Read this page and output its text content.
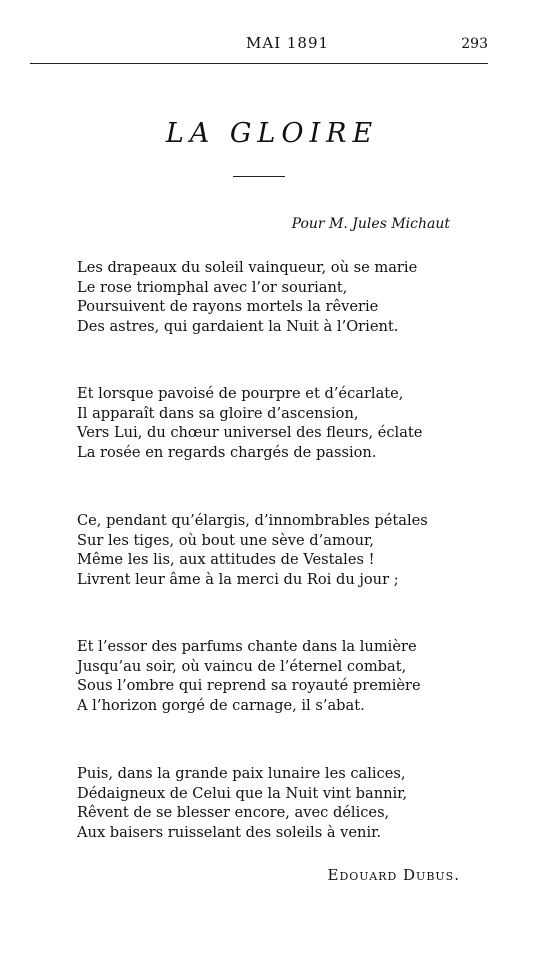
MAI 1891	293
LA GLOIRE
Pour M. Jules Michaut
Les drapeaux du soleil vainqueur, où se marie
Le rose triomphal avec l’or souriant,
Poursuivent de rayons mortels la rêverie
Des astres, qui gardaient la Nuit à l’Orient.
Et lorsque pavoisé de pourpre et d’écarlate,
Il apparaît dans sa gloire d’ascension,
Vers Lui, du chœur universel des fleurs, éclate
La rosée en regards chargés de passion.
Ce, pendant qu’élargis, d’innombrables pétales
Sur les tiges, où bout une sève d’amour,
Même les lis, aux attitudes de Vestales !
Livrent leur âme à la merci du Roi du jour ;
Et l’essor des parfums chante dans la lumière
Jusqu’au soir, où vaincu de l’éternel combat,
Sous l’ombre qui reprend sa royauté première
A l’horizon gorgé de carnage, il s’abat.
Puis, dans la grande paix lunaire les calices,
Dédaigneux de Celui que la Nuit vint bannir,
Rêvent de se blesser encore, avec délices,
Aux baisers ruisselant des soleils à venir.
Edouard Dubus.
